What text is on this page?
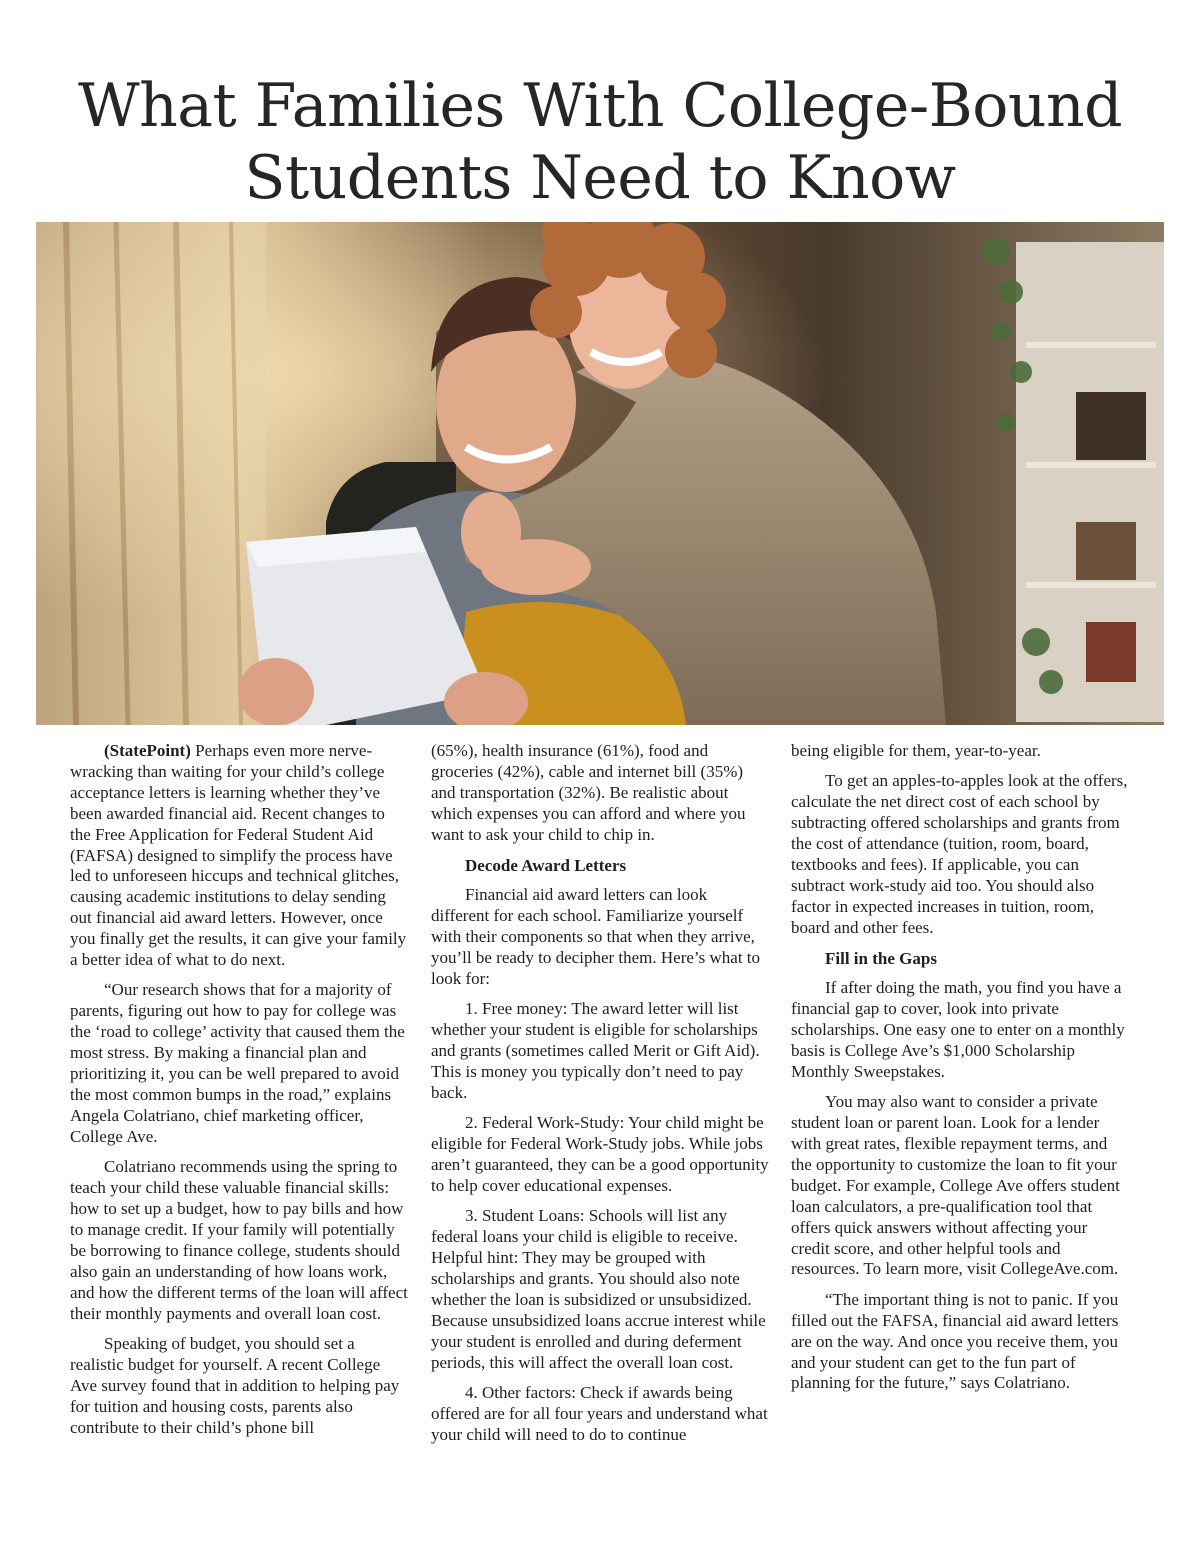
What Families With College-Bound
Students Need to Know

(StatePoint) Perhaps even more nerve-wracking than waiting for your child’s college acceptance letters is learning whether they’ve been awarded financial aid. Recent changes to the Free Application for Federal Student Aid (FAFSA) designed to simplify the process have led to unforeseen hiccups and technical glitches, causing academic institutions to delay sending out financial aid award letters. However, once you finally get the results, it can give your family a better idea of what to do next.

“Our research shows that for a majority of parents, figuring out how to pay for college was the ‘road to college’ activity that caused them the most stress. By making a financial plan and prioritizing it, you can be well prepared to avoid the most common bumps in the road,” explains Angela Colatriano, chief marketing officer, College Ave.

Colatriano recommends using the spring to teach your child these valuable financial skills: how to set up a budget, how to pay bills and how to manage credit. If your family will potentially be borrowing to finance college, students should also gain an understanding of how loans work, and how the different terms of the loan will affect their monthly payments and overall loan cost.

Speaking of budget, you should set a realistic budget for yourself. A recent College Ave survey found that in addition to helping pay for tuition and housing costs, parents also contribute to their child’s phone bill

(65%), health insurance (61%), food and groceries (42%), cable and internet bill (35%) and transportation (32%). Be realistic about which expenses you can afford and where you want to ask your child to chip in.

Decode Award Letters

Financial aid award letters can look different for each school. Familiarize yourself with their components so that when they arrive, you’ll be ready to decipher them. Here’s what to look for:

1. Free money: The award letter will list whether your student is eligible for scholarships and grants (sometimes called Merit or Gift Aid). This is money you typically don’t need to pay back.

2. Federal Work-Study: Your child might be eligible for Federal Work-Study jobs. While jobs aren’t guaranteed, they can be a good opportunity to help cover educational expenses.

3. Student Loans: Schools will list any federal loans your child is eligible to receive. Helpful hint: They may be grouped with scholarships and grants. You should also note whether the loan is subsidized or unsubsidized. Because unsubsidized loans accrue interest while your student is enrolled and during deferment periods, this will affect the overall loan cost.

4. Other factors: Check if awards being offered are for all four years and understand what your child will need to do to continue

being eligible for them, year-to-year.

To get an apples-to-apples look at the offers, calculate the net direct cost of each school by subtracting offered scholarships and grants from the cost of attendance (tuition, room, board, textbooks and fees). If applicable, you can subtract work-study aid too. You should also factor in expected increases in tuition, room, board and other fees.

Fill in the Gaps

If after doing the math, you find you have a financial gap to cover, look into private scholarships. One easy one to enter on a monthly basis is College Ave’s $1,000 Scholarship Monthly Sweepstakes.

You may also want to consider a private student loan or parent loan. Look for a lender with great rates, flexible repayment terms, and the opportunity to customize the loan to fit your budget. For example, College Ave offers student loan calculators, a pre-qualification tool that offers quick answers without affecting your credit score, and other helpful tools and resources. To learn more, visit CollegeAve.com.

“The important thing is not to panic. If you filled out the FAFSA, financial aid award letters are on the way. And once you receive them, you and your student can get to the fun part of planning for the future,” says Colatriano.
